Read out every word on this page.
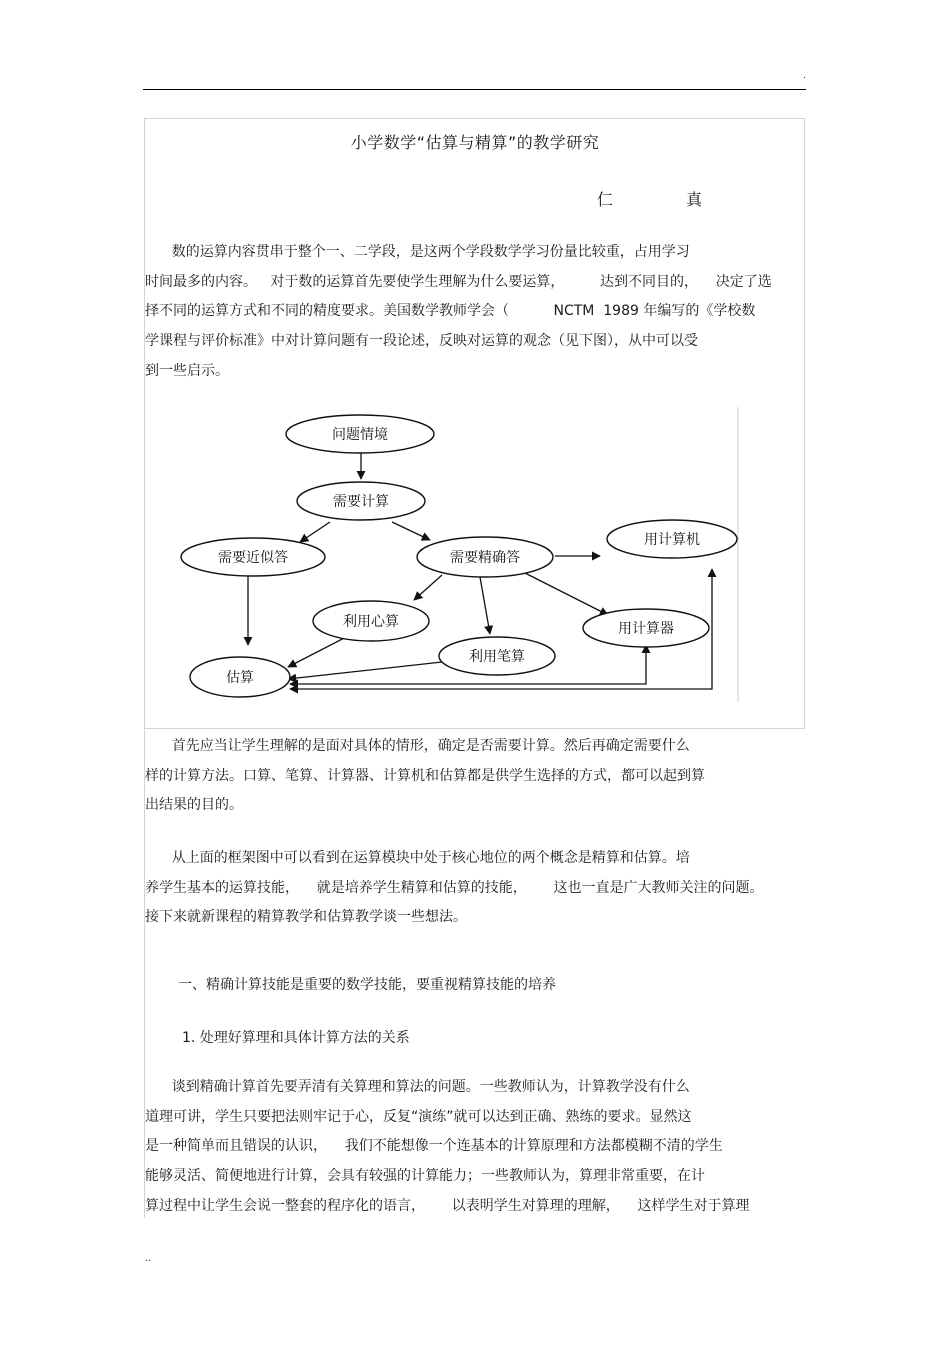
.
小学数学“估算与精算”的教学研究
仁 真
数的运算内容贯串于整个一、二学段，是这两个学段数学学习份量比较重，占用学习
时间最多的内容。   对于数的运算首先要使学生理解为什么要运算，        达到不同目的，    决定了选
择不同的运算方式和不同的精度要求。美国数学教师学会（          NCTM  1989 年编写的《学校数
学课程与评价标准》中对计算问题有一段论述，反映对运算的观念（见下图），从中可以受
到一些启示。
问题情境
需要计算
需要近似答	需要精确答
用计算机
利用心算	用计算器
利用笔算
估算
首先应当让学生理解的是面对具体的情形，确定是否需要计算。然后再确定需要什么
样的计算方法。口算、笔算、计算器、计算机和估算都是供学生选择的方式，都可以起到算
出结果的目的。
从上面的框架图中可以看到在运算模块中处于核心地位的两个概念是精算和估算。培
养学生基本的运算技能，    就是培养学生精算和估算的技能，      这也一直是广大教师关注的问题。
接下来就新课程的精算教学和估算教学谈一些想法。
一、精确计算技能是重要的数学技能，要重视精算技能的培养
1. 处理好算理和具体计算方法的关系
谈到精确计算首先要弄清有关算理和算法的问题。一些教师认为，计算教学没有什么
道理可讲，学生只要把法则牢记于心，反复“演练”就可以达到正确、熟练的要求。显然这
是一种简单而且错误的认识，    我们不能想像一个连基本的计算原理和方法都模糊不清的学生
能够灵活、简便地进行计算，会具有较强的计算能力；一些教师认为，算理非常重要，在计
算过程中让学生会说一整套的程序化的语言，      以表明学生对算理的理解，    这样学生对于算理
..
